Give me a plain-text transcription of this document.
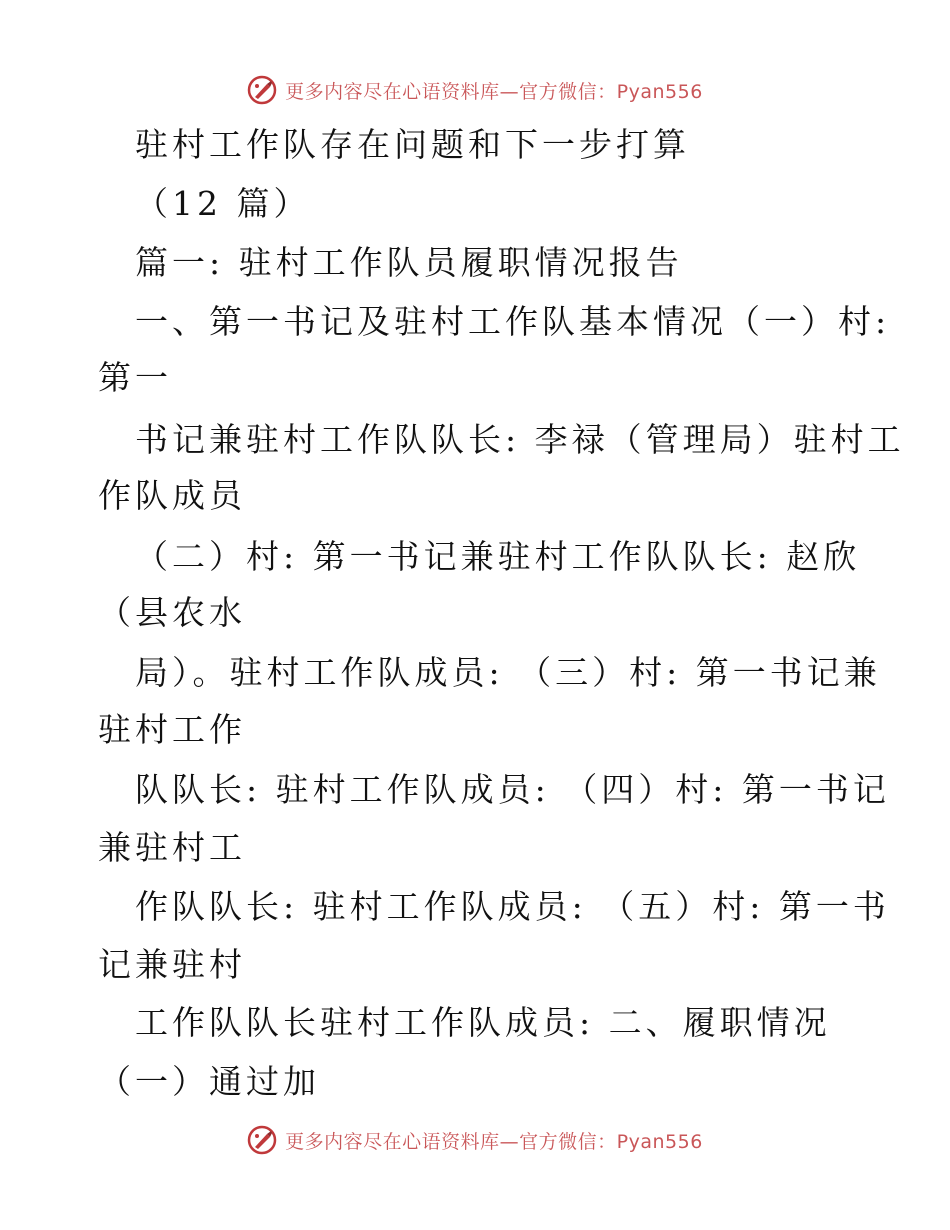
更多内容尽在心语资料库—官方微信：Pyan556
驻村工作队存在问题和下一步打算
（12 篇）
篇一: 驻村工作队员履职情况报告
一、第一书记及驻村工作队基本情况（一）村:
第一
书记兼驻村工作队队长: 李禄（管理局）驻村工
作队成员
（二）村: 第一书记兼驻村工作队队长: 赵欣
（县农水
局）。驻村工作队成员: （三）村: 第一书记兼
驻村工作
队队长: 驻村工作队成员: （四）村: 第一书记
兼驻村工
作队队长: 驻村工作队成员: （五）村: 第一书
记兼驻村
工作队队长驻村工作队成员: 二、履职情况
（一）通过加
更多内容尽在心语资料库—官方微信：Pyan556
